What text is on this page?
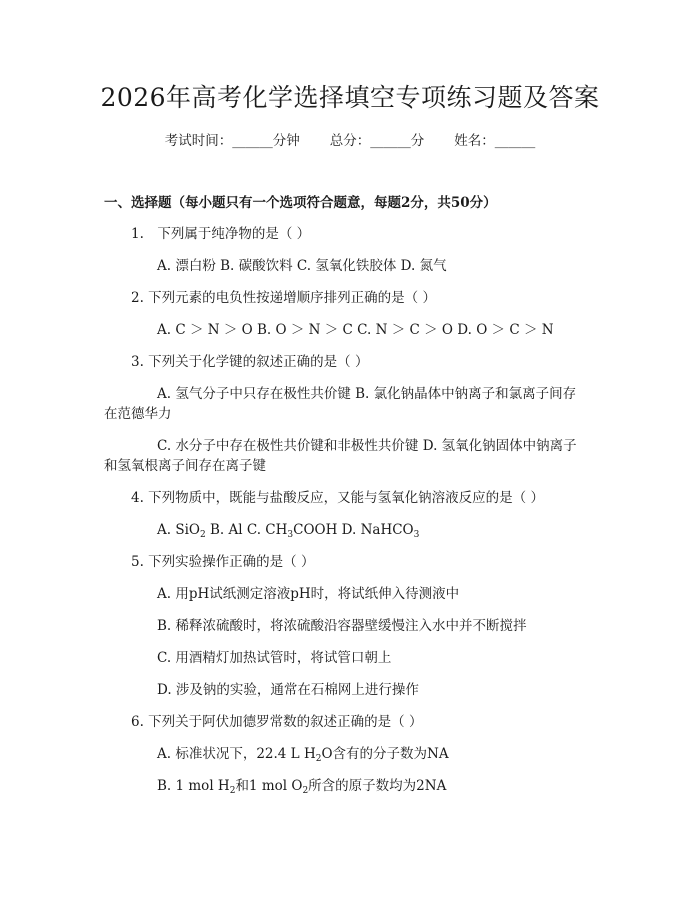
2026年高考化学选择填空专项练习题及答案
考试时间：______分钟 总分：______分 姓名：______
一、选择题（每小题只有一个选项符合题意，每题2分，共50分）
1.　下列属于纯净物的是（ ）
A. 漂白粉 B. 碳酸饮料 C. 氢氧化铁胶体 D. 氮气
2. 下列元素的电负性按递增顺序排列正确的是（ ）
A. C ＞ N ＞ O B. O ＞ N ＞ C C. N ＞ C ＞ O D. O ＞ C ＞ N
3. 下列关于化学键的叙述正确的是（ ）
A. 氢气分子中只存在极性共价键 B. 氯化钠晶体中钠离子和氯离子间存
在范德华力
C. 水分子中存在极性共价键和非极性共价键 D. 氢氧化钠固体中钠离子
和氢氧根离子间存在离子键
4. 下列物质中，既能与盐酸反应，又能与氢氧化钠溶液反应的是（ ）
A. SiO$_2$ B. Al C. $CH_3COOH$ D. NaHCO$_3$
5. 下列实验操作正确的是（ ）
A. 用pH试纸测定溶液pH时，将试纸伸入待测液中
B. 稀释浓硫酸时，将浓硫酸沿容器壁缓慢注入水中并不断搅拌
C. 用酒精灯加热试管时，将试管口朝上
D. 涉及钠的实验，通常在石棉网上进行操作
6. 下列关于阿伏加德罗常数的叙述正确的是（ ）
A. 标准状况下，22.4 L $H_2O$含有的分子数为NA
B. 1 mol $H_2$和1 mol $O_2$所含的原子数均为2NA
